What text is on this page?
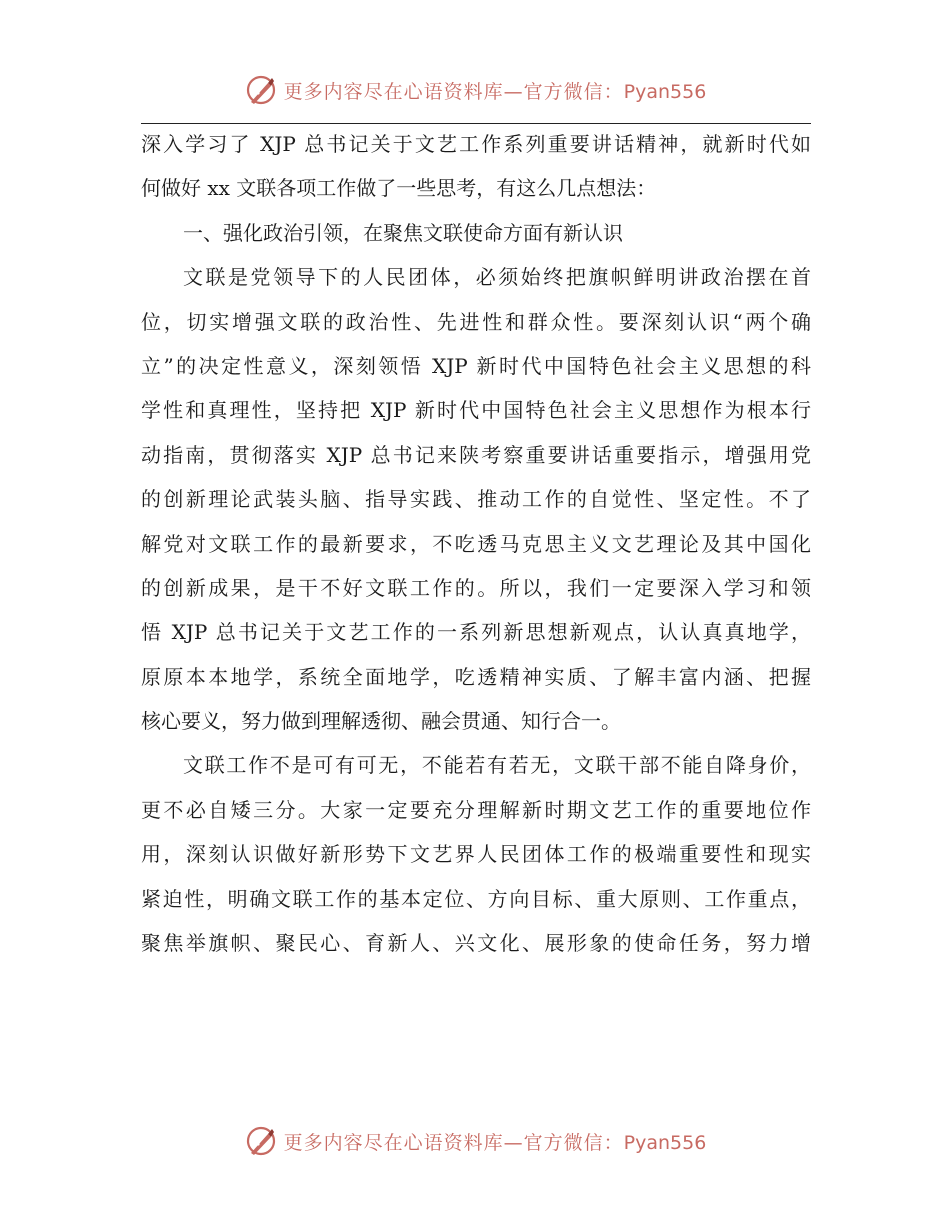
更多内容尽在心语资料库—官方微信：Pyan556
深入学习了 XJP 总书记关于文艺工作系列重要讲话精神，就新时代如
何做好 xx 文联各项工作做了一些思考，有这么几点想法：
一、强化政治引领，在聚焦文联使命方面有新认识
文联是党领导下的人民团体，必须始终把旗帜鲜明讲政治摆在首
位，切实增强文联的政治性、先进性和群众性。要深刻认识“两个确
立”的决定性意义，深刻领悟 XJP 新时代中国特色社会主义思想的科
学性和真理性，坚持把 XJP 新时代中国特色社会主义思想作为根本行
动指南，贯彻落实 XJP 总书记来陕考察重要讲话重要指示，增强用党
的创新理论武装头脑、指导实践、推动工作的自觉性、坚定性。不了
解党对文联工作的最新要求，不吃透马克思主义文艺理论及其中国化
的创新成果，是干不好文联工作的。所以，我们一定要深入学习和领
悟 XJP 总书记关于文艺工作的一系列新思想新观点，认认真真地学，
原原本本地学，系统全面地学，吃透精神实质、了解丰富内涵、把握
核心要义，努力做到理解透彻、融会贯通、知行合一。
文联工作不是可有可无，不能若有若无，文联干部不能自降身价，
更不必自矮三分。大家一定要充分理解新时期文艺工作的重要地位作
用，深刻认识做好新形势下文艺界人民团体工作的极端重要性和现实
紧迫性，明确文联工作的基本定位、方向目标、重大原则、工作重点，
聚焦举旗帜、聚民心、育新人、兴文化、展形象的使命任务，努力增
更多内容尽在心语资料库—官方微信：Pyan556
